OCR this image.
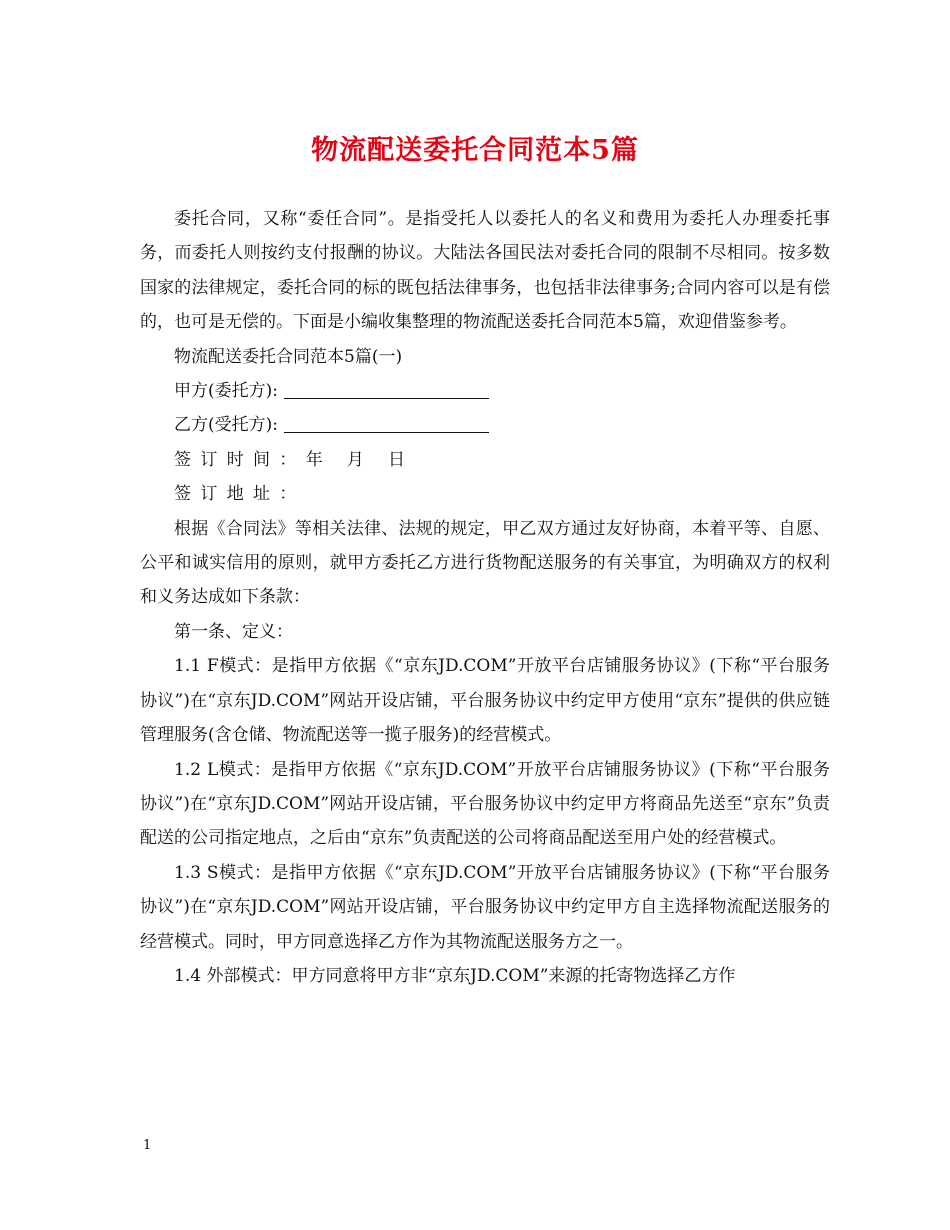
物流配送委托合同范本5篇

委托合同，又称“委任合同”。是指受托人以委托人的名义和费用为委托人办理委托事务，而委托人则按约支付报酬的协议。大陆法各国民法对委托合同的限制不尽相同。按多数国家的法律规定，委托合同的标的既包括法律事务，也包括非法律事务;合同内容可以是有偿的，也可是无偿的。下面是小编收集整理的物流配送委托合同范本5篇，欢迎借鉴参考。

物流配送委托合同范本5篇(一)

甲方(委托方):

乙方(受托方):

签订时间：年 月 日

签订地址：

根据《合同法》等相关法律、法规的规定，甲乙双方通过友好协商，本着平等、自愿、公平和诚实信用的原则，就甲方委托乙方进行货物配送服务的有关事宜，为明确双方的权利和义务达成如下条款：

第一条、定义：

1.1 F模式：是指甲方依据《“京东JD.COM”开放平台店铺服务协议》(下称“平台服务协议”)在“京东JD.COM”网站开设店铺，平台服务协议中约定甲方使用“京东”提供的供应链管理服务(含仓储、物流配送等一揽子服务)的经营模式。

1.2 L模式：是指甲方依据《“京东JD.COM”开放平台店铺服务协议》(下称“平台服务协议”)在“京东JD.COM”网站开设店铺，平台服务协议中约定甲方将商品先送至“京东”负责配送的公司指定地点，之后由“京东”负责配送的公司将商品配送至用户处的经营模式。

1.3 S模式：是指甲方依据《“京东JD.COM”开放平台店铺服务协议》(下称“平台服务协议”)在“京东JD.COM”网站开设店铺，平台服务协议中约定甲方自主选择物流配送服务的经营模式。同时，甲方同意选择乙方作为其物流配送服务方之一。

1.4 外部模式：甲方同意将甲方非“京东JD.COM”来源的托寄物选择乙方作

1
